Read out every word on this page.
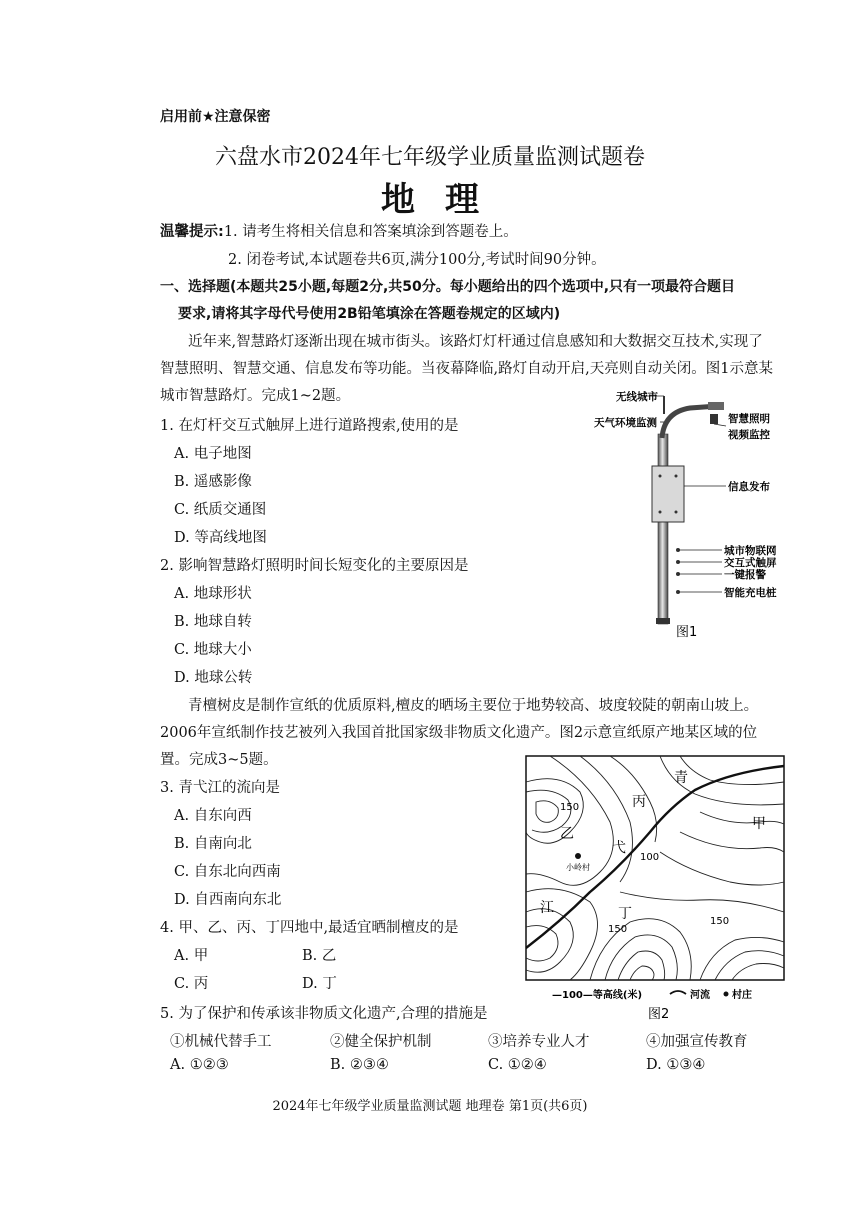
启用前★注意保密
六盘水市2024年七年级学业质量监测试题卷
地理
温馨提示:1. 请考生将相关信息和答案填涂到答题卷上。
2. 闭卷考试,本试题卷共6页,满分100分,考试时间90分钟。
一、选择题(本题共25小题,每题2分,共50分。每小题给出的四个选项中,只有一项最符合题目
要求,请将其字母代号使用2B铅笔填涂在答题卷规定的区域内)
近年来,智慧路灯逐渐出现在城市街头。该路灯灯杆通过信息感知和大数据交互技术,实现了
智慧照明、智慧交通、信息发布等功能。当夜幕降临,路灯自动开启,天亮则自动关闭。图1示意某
城市智慧路灯。完成1~2题。
1. 在灯杆交互式触屏上进行道路搜索,使用的是
A. 电子地图
B. 遥感影像
C. 纸质交通图
D. 等高线地图
2. 影响智慧路灯照明时间长短变化的主要原因是
A. 地球形状
B. 地球自转
C. 地球大小
D. 地球公转
无线城市
天气环境监测	智慧照明
视频监控
信息发布
城市物联网
交互式触屏
一键报警
智能充电桩
图1
青檀树皮是制作宣纸的优质原料,檀皮的晒场主要位于地势较高、坡度较陡的朝南山坡上。
2006年宣纸制作技艺被列入我国首批国家级非物质文化遗产。图2示意宣纸原产地某区域的位
置。完成3~5题。
3. 青弋江的流向是
A. 自东向西
B. 自南向北
C. 自东北向西南
D. 自西南向东北
4. 甲、乙、丙、丁四地中,最适宜晒制檀皮的是
A. 甲	B. 乙
C. 丙	D. 丁
5. 为了保护和传承该非物质文化遗产,合理的措施是
①机械代替手工	②健全保护机制	③培养专业人才	④加强宣传教育
A. ①②③	B. ②③④	C. ①②④	D. ①③④
青
弋
江
丙
甲
乙
丁
小岭村
150
100
150
150
—100—等高线(米)	河流 村庄
图2
2024年七年级学业质量监测试题 地理卷 第1页(共6页)
